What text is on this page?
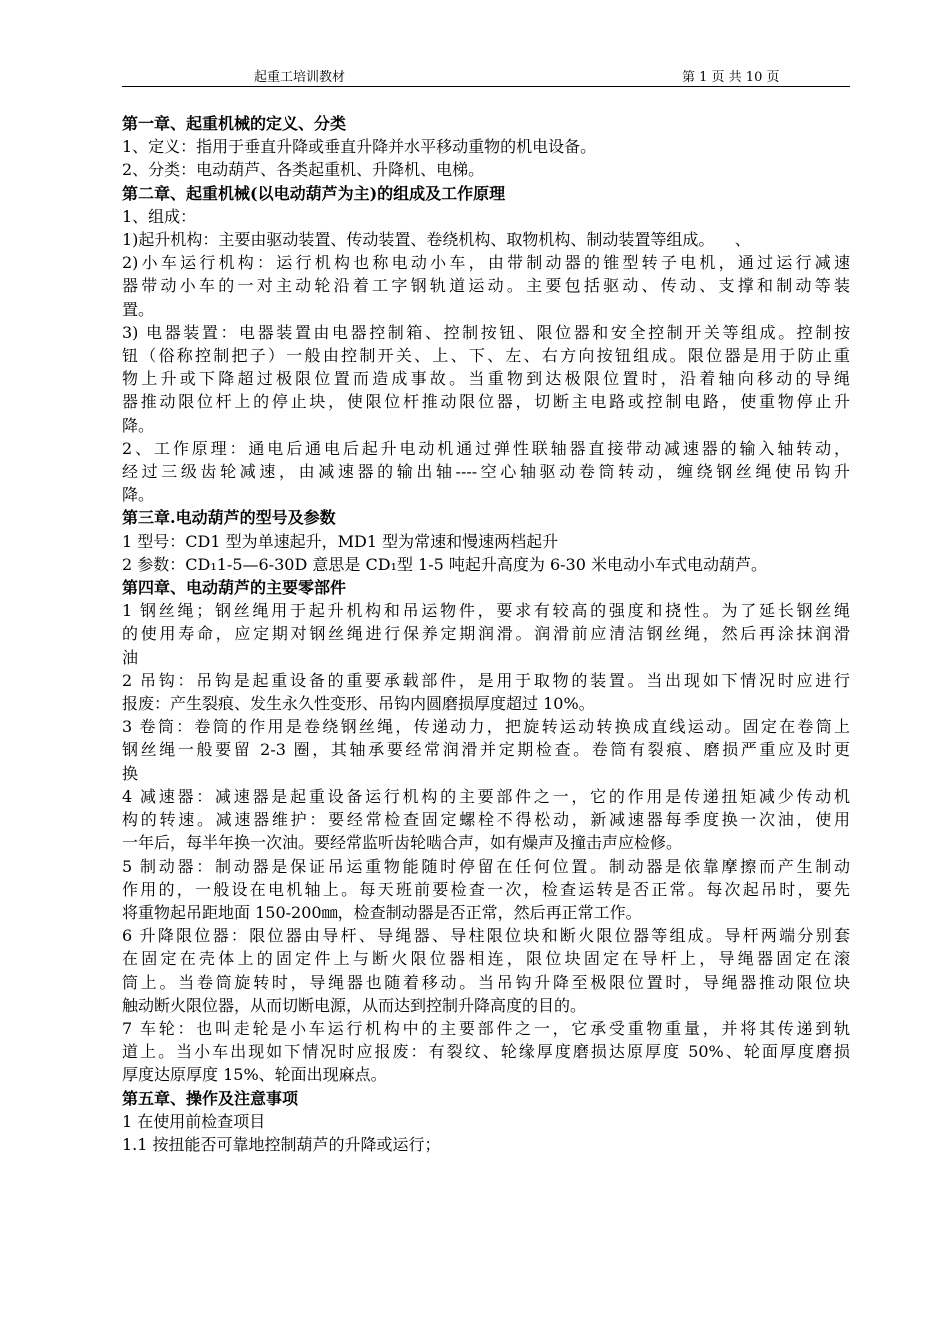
起重工培训教材	第 1 页 共 10 页

第一章、起重机械的定义、分类

1、定义：指用于垂直升降或垂直升降并水平移动重物的机电设备。

2、分类：电动葫芦、各类起重机、升降机、电梯。

第二章、起重机械(以电动葫芦为主)的组成及工作原理

1、组成：

1)起升机构：主要由驱动装置、传动装置、卷绕机构、取物机构、制动装置等组成。    、

2)小车运行机构：运行机构也称电动小车，由带制动器的锥型转子电机，通过运行减速

器带动小车的一对主动轮沿着工字钢轨道运动。主要包括驱动、传动、支撑和制动等装

置。

3) 电器装置：电器装置由电器控制箱、控制按钮、限位器和安全控制开关等组成。控制按

钮（俗称控制把子）一般由控制开关、上、下、左、右方向按钮组成。限位器是用于防止重

物上升或下降超过极限位置而造成事故。当重物到达极限位置时，沿着轴向移动的导绳

器推动限位杆上的停止块，使限位杆推动限位器，切断主电路或控制电路，使重物停止升

降。

2、工作原理：通电后通电后起升电动机通过弹性联轴器直接带动减速器的输入轴转动，

经过三级齿轮减速，由减速器的输出轴----空心轴驱动卷筒转动，缠绕钢丝绳使吊钩升

降。

第三章.电动葫芦的型号及参数

1 型号：CD1 型为单速起升，MD1 型为常速和慢速两档起升

2 参数：CD₁1-5—6-30D 意思是 CD₁型 1-5 吨起升高度为 6-30 米电动小车式电动葫芦。

第四章、电动葫芦的主要零部件

1 钢丝绳；钢丝绳用于起升机构和吊运物件，要求有较高的强度和挠性。为了延长钢丝绳

的使用寿命，应定期对钢丝绳进行保养定期润滑。润滑前应清洁钢丝绳，然后再涂抹润滑

油

2 吊钩：吊钩是起重设备的重要承载部件，是用于取物的装置。当出现如下情况时应进行

报废：产生裂痕、发生永久性变形、吊钩内圆磨损厚度超过 10%。

3 卷筒：卷筒的作用是卷绕钢丝绳，传递动力，把旋转运动转换成直线运动。固定在卷筒上

钢丝绳一般要留 2-3 圈，其轴承要经常润滑并定期检查。卷筒有裂痕、磨损严重应及时更

换

4 减速器：减速器是起重设备运行机构的主要部件之一，它的作用是传递扭矩减少传动机

构的转速。减速器维护：要经常检查固定螺栓不得松动，新减速器每季度换一次油，使用

一年后，每半年换一次油。要经常监听齿轮啮合声，如有燥声及撞击声应检修。

5 制动器：制动器是保证吊运重物能随时停留在任何位置。制动器是依靠摩擦而产生制动

作用的，一般设在电机轴上。每天班前要检查一次，检查运转是否正常。每次起吊时，要先

将重物起吊距地面 150-200㎜，检查制动器是否正常，然后再正常工作。

6 升降限位器：限位器由导杆、导绳器、导柱限位块和断火限位器等组成。导杆两端分别套

在固定在壳体上的固定件上与断火限位器相连，限位块固定在导杆上，导绳器固定在滚

筒上。当卷筒旋转时，导绳器也随着移动。当吊钩升降至极限位置时，导绳器推动限位块

触动断火限位器，从而切断电源，从而达到控制升降高度的目的。

7 车轮：也叫走轮是小车运行机构中的主要部件之一，它承受重物重量，并将其传递到轨

道上。当小车出现如下情况时应报废：有裂纹、轮缘厚度磨损达原厚度 50%、轮面厚度磨损

厚度达原厚度 15%、轮面出现麻点。

第五章、操作及注意事项

1 在使用前检查项目

1.1 按扭能否可靠地控制葫芦的升降或运行；
